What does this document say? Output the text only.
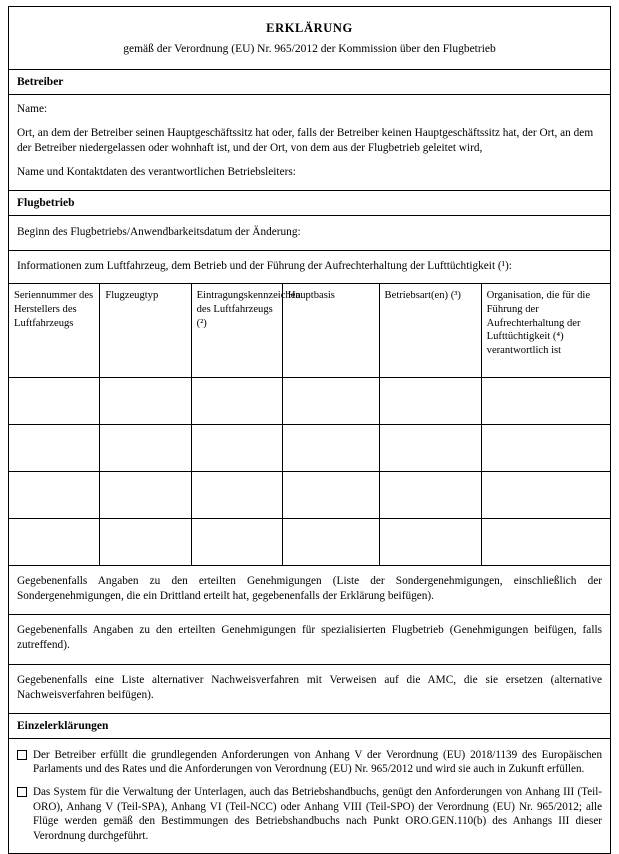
ERKLÄRUNG
gemäß der Verordnung (EU) Nr. 965/2012 der Kommission über den Flugbetrieb
Betreiber
Name:
Ort, an dem der Betreiber seinen Hauptgeschäftssitz hat oder, falls der Betreiber keinen Hauptgeschäftssitz hat, der Ort, an dem der Betreiber niedergelassen oder wohnhaft ist, und der Ort, von dem aus der Flugbetrieb geleitet wird,
Name und Kontaktdaten des verantwortlichen Betriebsleiters:
Flugbetrieb
Beginn des Flugbetriebs/Anwendbarkeitsdatum der Änderung:
Informationen zum Luftfahrzeug, dem Betrieb und der Führung der Aufrechterhaltung der Lufttüchtigkeit (¹):
Seriennummer des Herstellers des Luftfahrzeugs	Flugzeugtyp	Eintragungskennzeichen des Luftfahrzeugs (²)	Hauptbasis	Betriebsart(en) (³)	Organisation, die für die Führung der Aufrechterhaltung der Lufttüchtigkeit (⁴) verantwortlich ist

Gegebenenfalls Angaben zu den erteilten Genehmigungen (Liste der Sondergenehmigungen, einschließlich der Sondergenehmigungen, die ein Drittland erteilt hat, gegebenenfalls der Erklärung beifügen).
Gegebenenfalls Angaben zu den erteilten Genehmigungen für spezialisierten Flugbetrieb (Genehmigungen beifügen, falls zutreffend).
Gegebenenfalls eine Liste alternativer Nachweisverfahren mit Verweisen auf die AMC, die sie ersetzen (alternative Nachweisverfahren beifügen).
Einzelerklärungen
Der Betreiber erfüllt die grundlegenden Anforderungen von Anhang V der Verordnung (EU) 2018/1139 des Europäischen Parlaments und des Rates und die Anforderungen von Verordnung (EU) Nr. 965/2012 und wird sie auch in Zukunft erfüllen.
Das System für die Verwaltung der Unterlagen, auch das Betriebshandbuchs, genügt den Anforderungen von Anhang III (Teil-ORO), Anhang V (Teil-SPA), Anhang VI (Teil-NCC) oder Anhang VIII (Teil-SPO) der Verordnung (EU) Nr. 965/2012; alle Flüge werden gemäß den Bestimmungen des Betriebshandbuchs nach Punkt ORO.GEN.110(b) des Anhangs III dieser Verordnung durchgeführt.
